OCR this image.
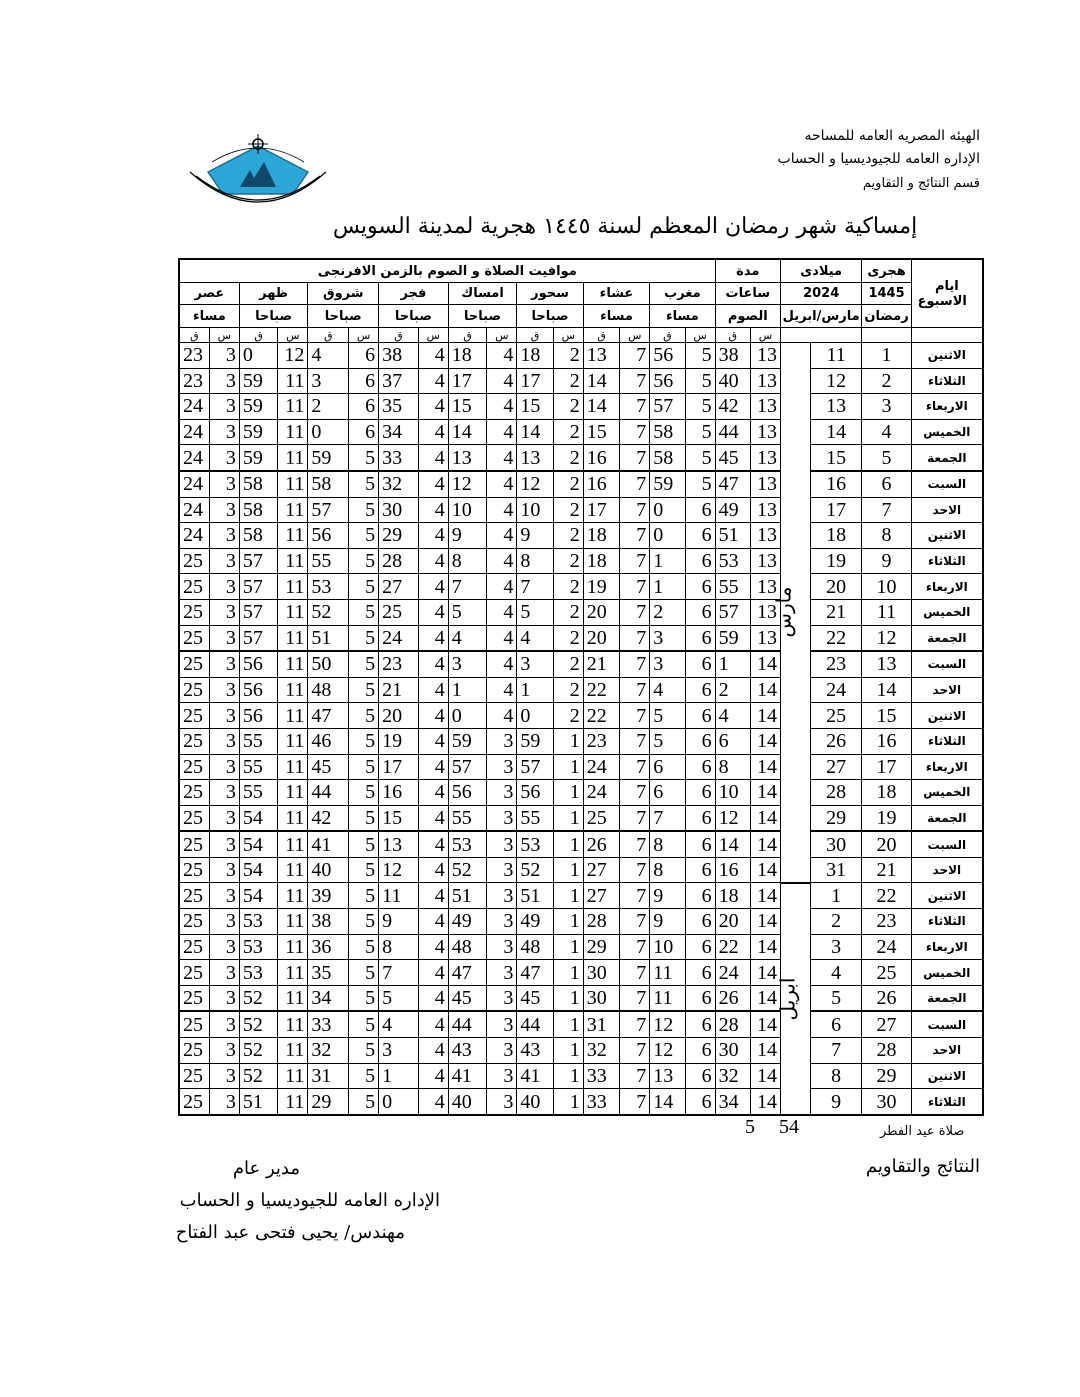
الهيئه المصريه العامه للمساحه
الإداره العامه للجيوديسيا و الحساب
قسم النتائج و التقاويم
إمساكية شهر رمضان المعظم لسنة ١٤٤٥ هجرية لمدينة السويس
ايام الاسبوع	هجرى	ميلادى		مدة		موافيت الصلاة و الصوم بالزمن الافرنجى															
	1445	2024		ساعات		مغرب		عشاء		سحور		امساك		فجر		شروق		ظهر		عصر	
	رمضان	مارس/ابريل		الصوم		مساء		مساء		صباحا		صباحا		صباحا		صباحا		صباحا		مساء	
				س	ق	س	ق	س	ق	س	ق	س	ق	س	ق	س	ق	س	ق	س	ق
الاثنين	1	11	مارس	13	38	5	56	7	13	2	18	4	18	4	38	6	4	12	0	3	23
الثلاثاء	2	12		13	40	5	56	7	14	2	17	4	17	4	37	6	3	11	59	3	23
الاربعاء	3	13		13	42	5	57	7	14	2	15	4	15	4	35	6	2	11	59	3	24
الخميس	4	14		13	44	5	58	7	15	2	14	4	14	4	34	6	0	11	59	3	24
الجمعة	5	15		13	45	5	58	7	16	2	13	4	13	4	33	5	59	11	59	3	24
السبت	6	16		13	47	5	59	7	16	2	12	4	12	4	32	5	58	11	58	3	24
الاحد	7	17		13	49	6	0	7	17	2	10	4	10	4	30	5	57	11	58	3	24
الاثنين	8	18		13	51	6	0	7	18	2	9	4	9	4	29	5	56	11	58	3	24
الثلاثاء	9	19		13	53	6	1	7	18	2	8	4	8	4	28	5	55	11	57	3	25
الاربعاء	10	20		13	55	6	1	7	19	2	7	4	7	4	27	5	53	11	57	3	25
الخميس	11	21		13	57	6	2	7	20	2	5	4	5	4	25	5	52	11	57	3	25
الجمعة	12	22		13	59	6	3	7	20	2	4	4	4	4	24	5	51	11	57	3	25
السبت	13	23		14	1	6	3	7	21	2	3	4	3	4	23	5	50	11	56	3	25
الاحد	14	24		14	2	6	4	7	22	2	1	4	1	4	21	5	48	11	56	3	25
الاثنين	15	25		14	4	6	5	7	22	2	0	4	0	4	20	5	47	11	56	3	25
الثلاثاء	16	26		14	6	6	5	7	23	1	59	3	59	4	19	5	46	11	55	3	25
الاربعاء	17	27		14	8	6	6	7	24	1	57	3	57	4	17	5	45	11	55	3	25
الخميس	18	28		14	10	6	6	7	24	1	56	3	56	4	16	5	44	11	55	3	25
الجمعة	19	29		14	12	6	7	7	25	1	55	3	55	4	15	5	42	11	54	3	25
السبت	20	30		14	14	6	8	7	26	1	53	3	53	4	13	5	41	11	54	3	25
الاحد	21	31		14	16	6	8	7	27	1	52	3	52	4	12	5	40	11	54	3	25
الاثنين	22	1	ابريل	14	18	6	9	7	27	1	51	3	51	4	11	5	39	11	54	3	25
الثلاثاء	23	2		14	20	6	9	7	28	1	49	3	49	4	9	5	38	11	53	3	25
الاربعاء	24	3		14	22	6	10	7	29	1	48	3	48	4	8	5	36	11	53	3	25
الخميس	25	4		14	24	6	11	7	30	1	47	3	47	4	7	5	35	11	53	3	25
الجمعة	26	5		14	26	6	11	7	30	1	45	3	45	4	5	5	34	11	52	3	25
السبت	27	6		14	28	6	12	7	31	1	44	3	44	4	4	5	33	11	52	3	25
الاحد	28	7		14	30	6	12	7	32	1	43	3	43	4	3	5	32	11	52	3	25
الاثنين	29	8		14	32	6	13	7	33	1	41	3	41	4	1	5	31	11	52	3	25
الثلاثاء	30	9		14	34	6	14	7	33	1	40	3	40	4	0	5	29	11	51	3	25
صلاة عيد الفطر
5 54
النتائج والتقاويم
مدير عام
الإداره العامه للجيوديسيا و الحساب
مهندس/ يحيى فتحى عبد الفتاح
